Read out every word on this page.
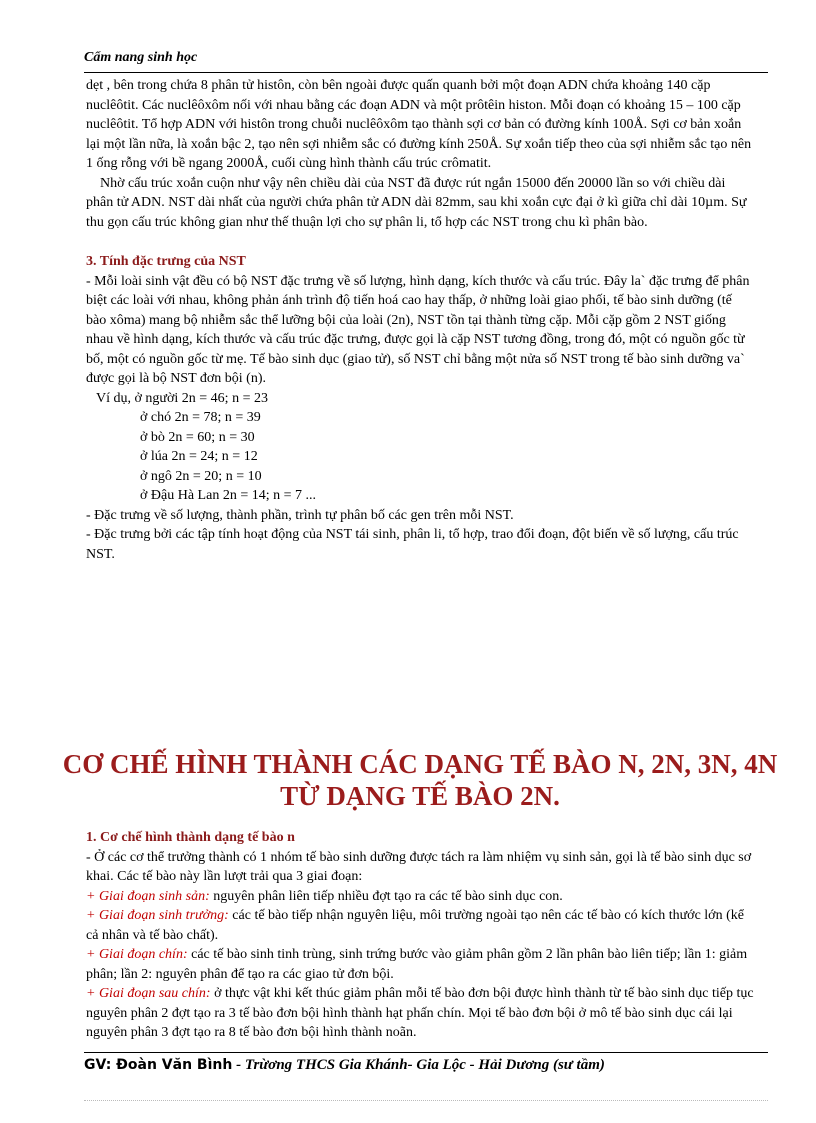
Cẩm nang sinh học

dẹt , bên trong chứa 8 phân tử histôn, còn bên ngoài được quấn quanh bởi một đoạn ADN chứa khoảng 140 cặp nuclêôtit. Các nuclêôxôm nối với nhau bằng các đoạn ADN và một prôtêin histon. Mỗi đoạn có khoảng 15 – 100 cặp nuclêôtit. Tổ hợp ADN với histôn trong chuỗi nuclêôxôm tạo thành sợi cơ bản có đường kính 100Å. Sợi cơ bản xoắn lại một lần nữa, là xoắn bậc 2, tạo nên sợi nhiễm sắc có đường kính 250Å. Sự xoắn tiếp theo của sợi nhiễm sắc tạo nên 1 ống rỗng với bề ngang 2000Å, cuối cùng hình thành cấu trúc crômatit.

Nhờ cấu trúc xoắn cuộn như vậy nên chiều dài của NST đã được rút ngắn 15000 đến 20000 lần so với chiều dài phân tử ADN. NST dài nhất của người chứa phân tử ADN dài 82mm, sau khi xoắn cực đại ở kì giữa chỉ dài 10µm. Sự thu gọn cấu trúc không gian như thế thuận lợi cho sự phân li, tổ hợp các NST trong chu kì phân bào.

3. Tính đặc trưng của NST

- Mỗi loài sinh vật đều có bộ NST đặc trưng về số lượng, hình dạng, kích thước và cấu trúc. Đây la` đặc trưng để phân biệt các loài với nhau, không phản ánh trình độ tiến hoá cao hay thấp, ở những loài giao phối, tế bào sinh dưỡng (tế bào xôma) mang bộ nhiễm sắc thể lưỡng bội của loài (2n), NST tồn tại thành từng cặp. Mỗi cặp gồm 2 NST giống nhau về hình dạng, kích thước và cấu trúc đặc trưng, được gọi là cặp NST tương đồng, trong đó, một có nguồn gốc từ bố, một có nguồn gốc từ mẹ. Tế bào sinh dục (giao tử), số NST chỉ bằng một nửa số NST trong tế bào sinh dưỡng va` được gọi là bộ NST đơn bội (n).

Ví dụ, ở người 2n = 46; n = 23

ở chó 2n = 78; n = 39

ở bò 2n = 60; n = 30

ở lúa 2n = 24; n = 12

ở ngô 2n = 20; n = 10

ở Đậu Hà Lan 2n = 14; n = 7 ...

- Đặc trưng về số lượng, thành phần, trình tự phân bố các gen trên mỗi NST.

- Đặc trưng bởi các tập tính hoạt động của NST tái sinh, phân li, tổ hợp, trao đổi đoạn, đột biến về số lượng, cấu trúc NST.

CƠ CHẾ HÌNH THÀNH CÁC DẠNG TẾ BÀO N, 2N, 3N, 4N
TỪ DẠNG TẾ BÀO 2N.

1. Cơ chế hình thành dạng tế bào n

- Ở các cơ thể trưởng thành có 1 nhóm tế bào sinh dưỡng được tách ra làm nhiệm vụ sinh sản, gọi là tế bào sinh dục sơ khai. Các tế bào này lần lượt trải qua 3 giai đoạn:

+ Giai đoạn sinh sản: nguyên phân liên tiếp nhiều đợt tạo ra các tế bào sinh dục con.

+ Giai đoạn sinh trưởng: các tế bào tiếp nhận nguyên liệu, môi trường ngoài tạo nên các tế bào có kích thước lớn (kể cả nhân và tế bào chất).

+ Giai đoạn chín: các tế bào sinh tinh trùng, sinh trứng bước vào giảm phân gồm 2 lần phân bào liên tiếp; lần 1: giảm phân; lần 2: nguyên phân để tạo ra các giao tử đơn bội.

+ Giai đoạn sau chín: ở thực vật khi kết thúc giảm phân mỗi tế bào đơn bội được hình thành từ tế bào sinh dục tiếp tục nguyên phân 2 đợt tạo ra 3 tế bào đơn bội hình thành hạt phấn chín. Mọi tế bào đơn bội ở mô tế bào sinh dục cái lại nguyên phân 3 đợt tạo ra 8 tế bào đơn bội hình thành noãn.

GV: Đoàn Văn Bình - Trừơng THCS Gia Khánh- Gia Lộc - Hải Dương (sư tầm)
